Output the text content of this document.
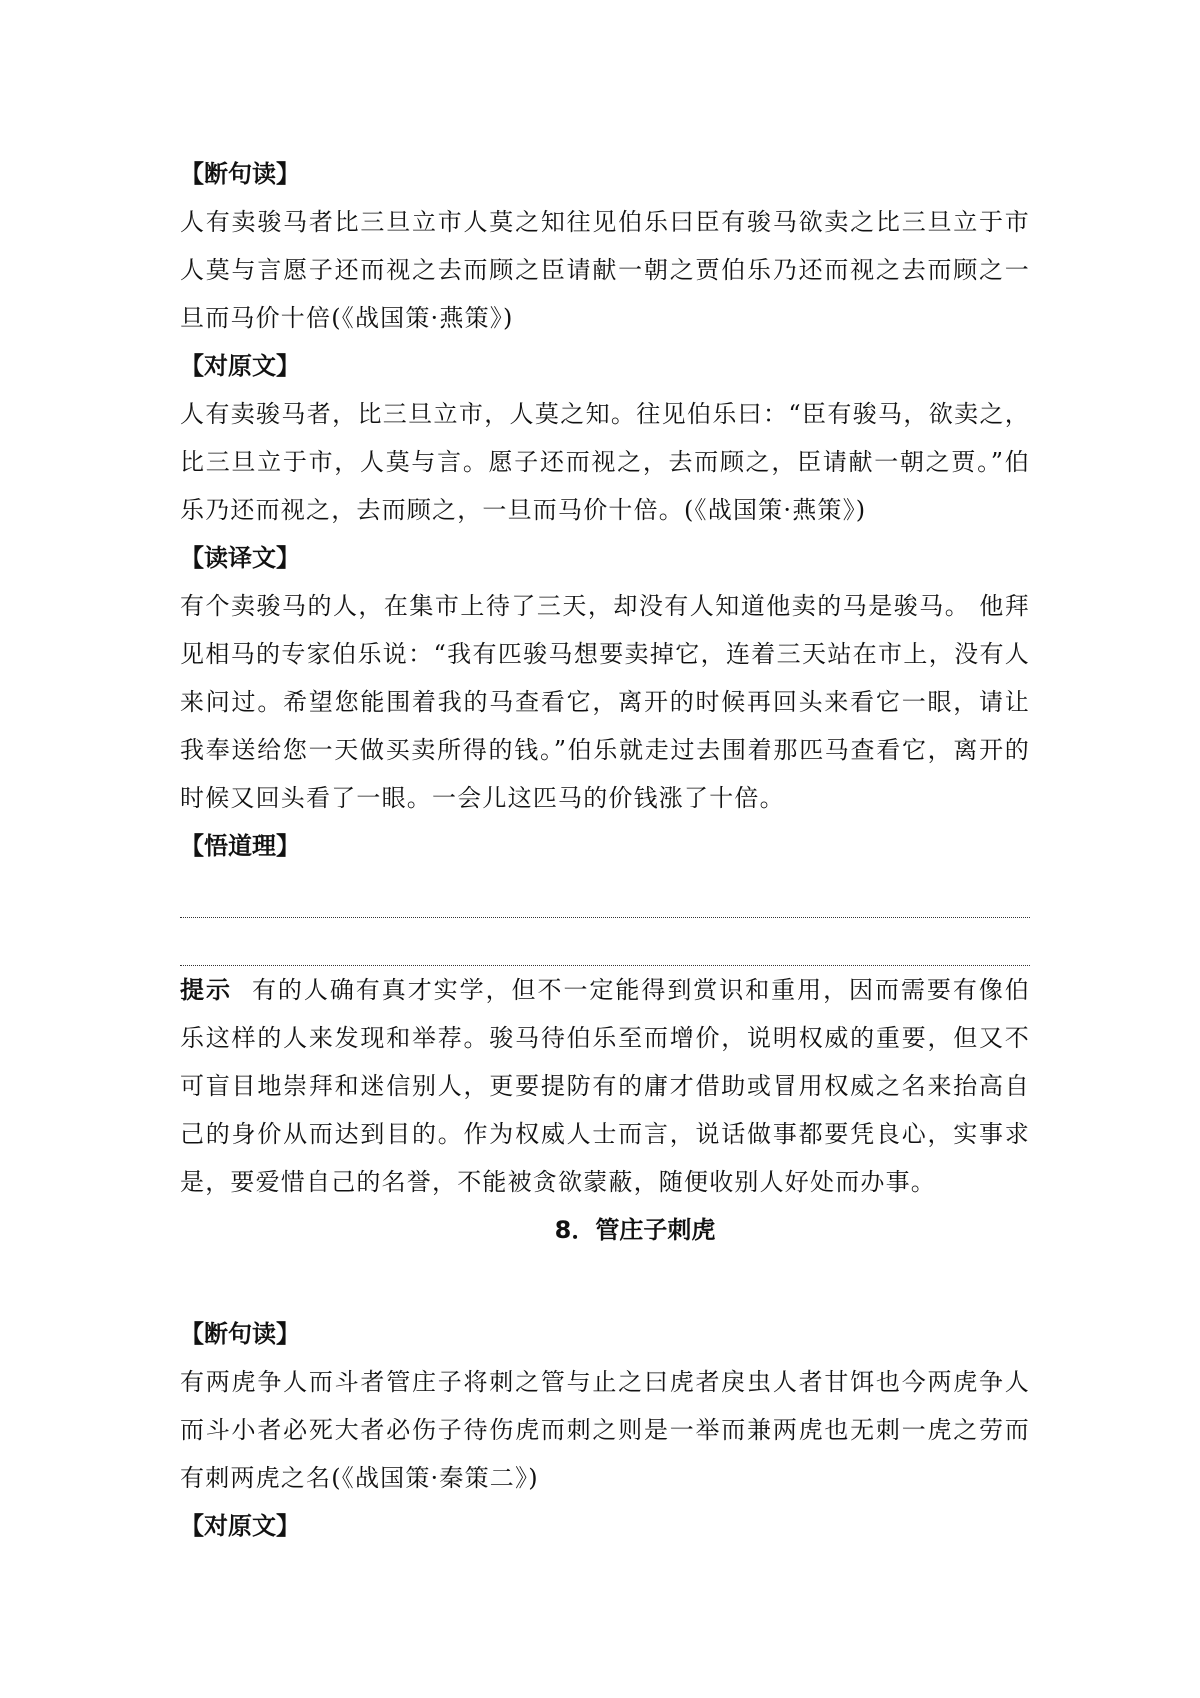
【断句读】

人有卖骏马者比三旦立市人莫之知往见伯乐曰臣有骏马欲卖之比三旦立于市人莫与言愿子还而视之去而顾之臣请献一朝之贾伯乐乃还而视之去而顾之一旦而马价十倍(《战国策·燕策》)

【对原文】

人有卖骏马者，比三旦立市，人莫之知。往见伯乐曰：“臣有骏马，欲卖之，比三旦立于市，人莫与言。愿子还而视之，去而顾之，臣请献一朝之贾。”伯乐乃还而视之，去而顾之，一旦而马价十倍。(《战国策·燕策》)

【读译文】

有个卖骏马的人，在集市上待了三天，却没有人知道他卖的马是骏马。 他拜见相马的专家伯乐说：“我有匹骏马想要卖掉它，连着三天站在市上，没有人来问过。希望您能围着我的马查看它，离开的时候再回头来看它一眼，请让我奉送给您一天做买卖所得的钱。”伯乐就走过去围着那匹马查看它，离开的时候又回头看了一眼。一会儿这匹马的价钱涨了十倍。

【悟道理】

提示 有的人确有真才实学，但不一定能得到赏识和重用，因而需要有像伯乐这样的人来发现和举荐。骏马待伯乐至而增价，说明权威的重要，但又不可盲目地崇拜和迷信别人，更要提防有的庸才借助或冒用权威之名来抬高自己的身价从而达到目的。作为权威人士而言，说话做事都要凭良心，实事求是，要爱惜自己的名誉，不能被贪欲蒙蔽，随便收别人好处而办事。

8．管庄子刺虎

【断句读】

有两虎争人而斗者管庄子将刺之管与止之曰虎者戾虫人者甘饵也今两虎争人而斗小者必死大者必伤子待伤虎而刺之则是一举而兼两虎也无刺一虎之劳而有刺两虎之名(《战国策·秦策二》)

【对原文】
